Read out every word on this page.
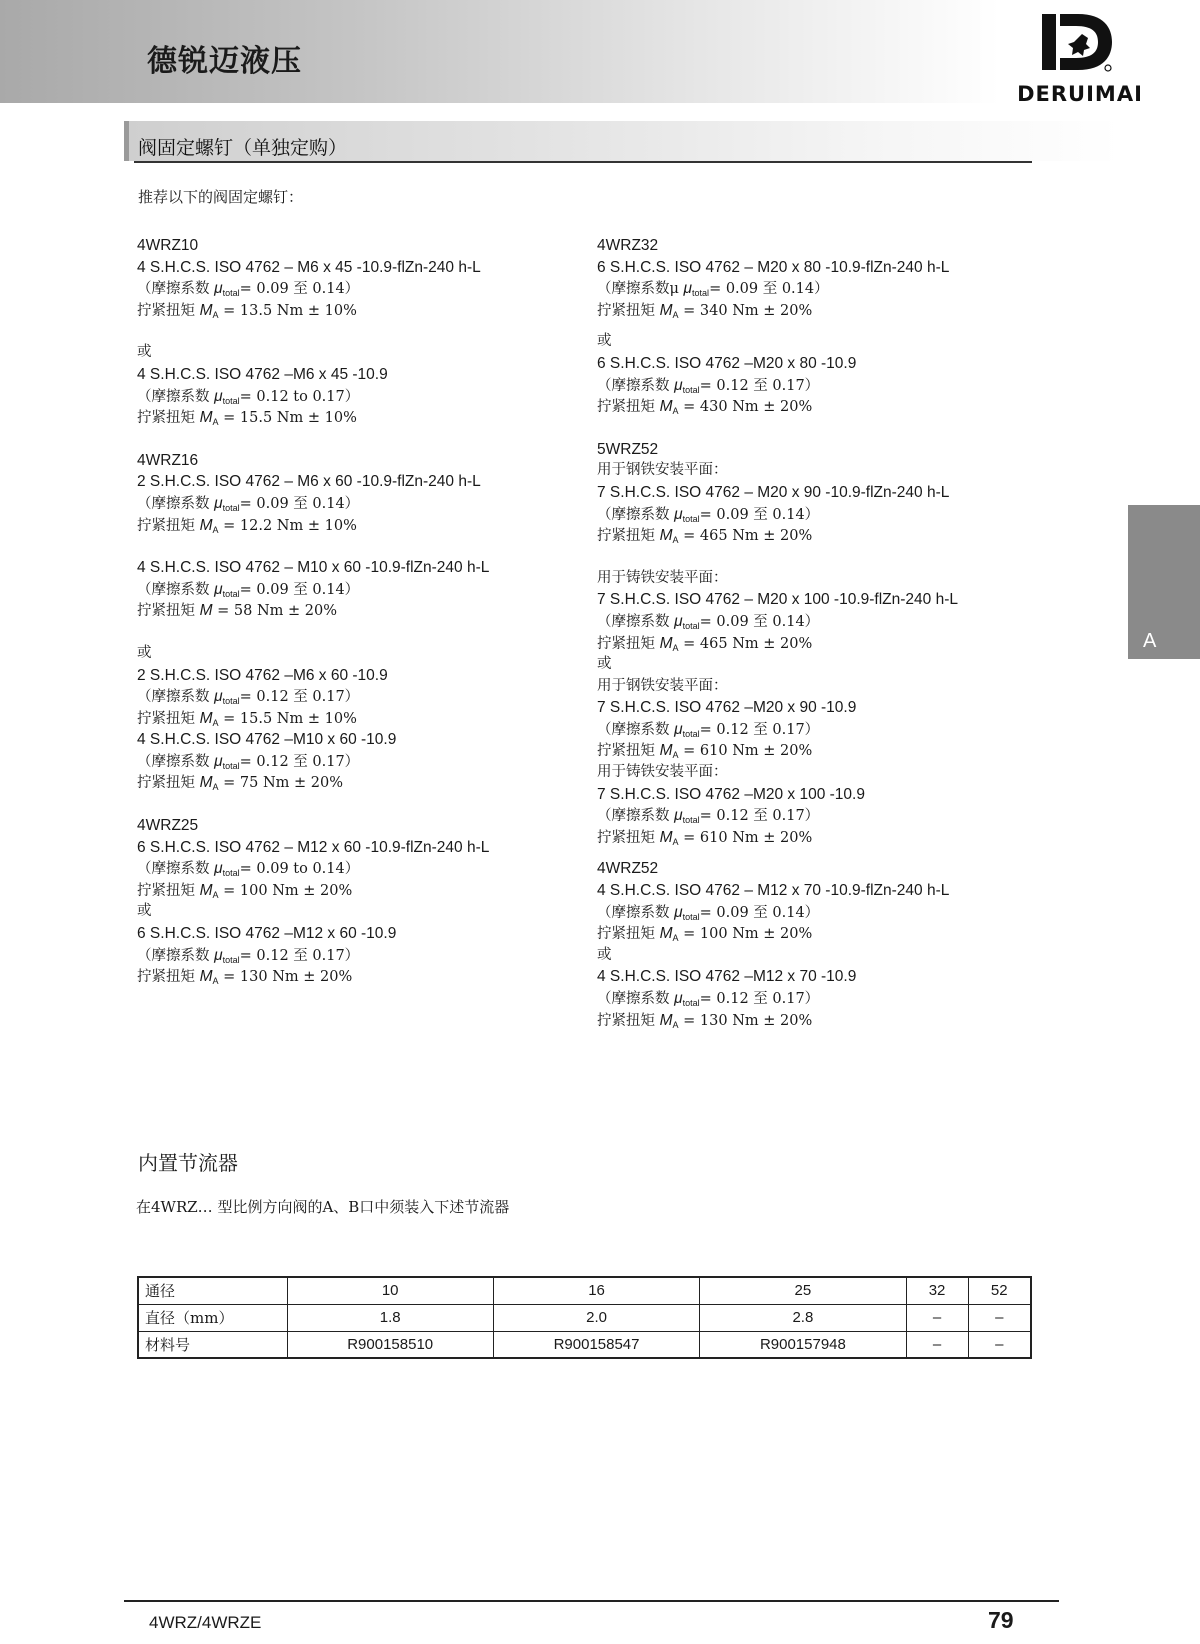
德锐迈液压
DERUIMAI
阀固定螺钉（单独定购）
推荐以下的阀固定螺钉：
4WRZ10
4 S.H.C.S. ISO 4762 – M6 x 45 -10.9-flZn-240 h-L
（摩擦系数 $\mu_{total}= 0.09$ 至 0.14）
拧紧扭矩 $M_A = 13.5$ Nm ± 10%
或
4 S.H.C.S. ISO 4762 –M6 x 45 -10.9
（摩擦系数 $\mu_{total}= 0.12$ to 0.17）
拧紧扭矩 $M_A = 15.5$ Nm ± 10%
4WRZ16
2 S.H.C.S. ISO 4762 – M6 x 60 -10.9-flZn-240 h-L
（摩擦系数 $\mu_{total}= 0.09$ 至 0.14）
拧紧扭矩 $M_A = 12.2$ Nm ± 10%
4 S.H.C.S. ISO 4762 – M10 x 60 -10.9-flZn-240 h-L
（摩擦系数 $\mu_{total}= 0.09$ 至 0.14）
拧紧扭矩 M = 58 Nm ± 20%
或
2 S.H.C.S. ISO 4762 –M6 x 60 -10.9
（摩擦系数 $\mu_{total}= 0.12$ 至 0.17）
拧紧扭矩 $M_A = 15.5$ Nm ± 10%
4 S.H.C.S. ISO 4762 –M10 x 60 -10.9
（摩擦系数 $\mu_{total}= 0.12$ 至 0.17）
拧紧扭矩 $M_A = 75$ Nm ± 20%
4WRZ25
6 S.H.C.S. ISO 4762 – M12 x 60 -10.9-flZn-240 h-L
（摩擦系数 $\mu_{total}= 0.09$ to 0.14）
拧紧扭矩 $M_A = 100$ Nm ± 20%
或
6 S.H.C.S. ISO 4762 –M12 x 60 -10.9
（摩擦系数 $\mu_{total}= 0.12$ 至 0.17）
拧紧扭矩 $M_A = 130$ Nm ± 20%
4WRZ32
6 S.H.C.S. ISO 4762 – M20 x 80 -10.9-flZn-240 h-L
（摩擦系数μ $\mu_{total}= 0.09$ 至 0.14）
拧紧扭矩 $M_A = 340$ Nm ± 20%
或
6 S.H.C.S. ISO 4762 –M20 x 80 -10.9
（摩擦系数 $\mu_{total}= 0.12$ 至 0.17）
拧紧扭矩 $M_A = 430$ Nm ± 20%
5WRZ52
用于钢铁安装平面：
7 S.H.C.S. ISO 4762 – M20 x 90 -10.9-flZn-240 h-L
（摩擦系数 $\mu_{total}= 0.09$ 至 0.14）
拧紧扭矩 $M_A = 465$ Nm ± 20%
用于铸铁安装平面：
7 S.H.C.S. ISO 4762 – M20 x 100 -10.9-flZn-240 h-L
（摩擦系数 $\mu_{total}= 0.09$ 至 0.14）
拧紧扭矩 $M_A = 465$ Nm ± 20%
或
用于钢铁安装平面：
7 S.H.C.S. ISO 4762 –M20 x 90 -10.9
（摩擦系数 $\mu_{total}= 0.12$ 至 0.17）
拧紧扭矩 $M_A = 610$ Nm ± 20%
用于铸铁安装平面：
7 S.H.C.S. ISO 4762 –M20 x 100 -10.9
（摩擦系数 $\mu_{total}= 0.12$ 至 0.17）
拧紧扭矩 $M_A = 610$ Nm ± 20%
4WRZ52
4 S.H.C.S. ISO 4762 – M12 x 70 -10.9-flZn-240 h-L
（摩擦系数 $\mu_{total}= 0.09$ 至 0.14）
拧紧扭矩 $M_A = 100$ Nm ± 20%
或
4 S.H.C.S. ISO 4762 –M12 x 70 -10.9
（摩擦系数 $\mu_{total}= 0.12$ 至 0.17）
拧紧扭矩 $M_A = 130$ Nm ± 20%
A
内置节流器
在4WRZ… 型比例方向阀的A、B口中须装入下述节流器
通径	10	16	25	32	52
直径（mm）	1.8	2.0	2.8	–	–
材料号	R900158510	R900158547	R900157948	–	–
4WRZ/4WRZE	79
